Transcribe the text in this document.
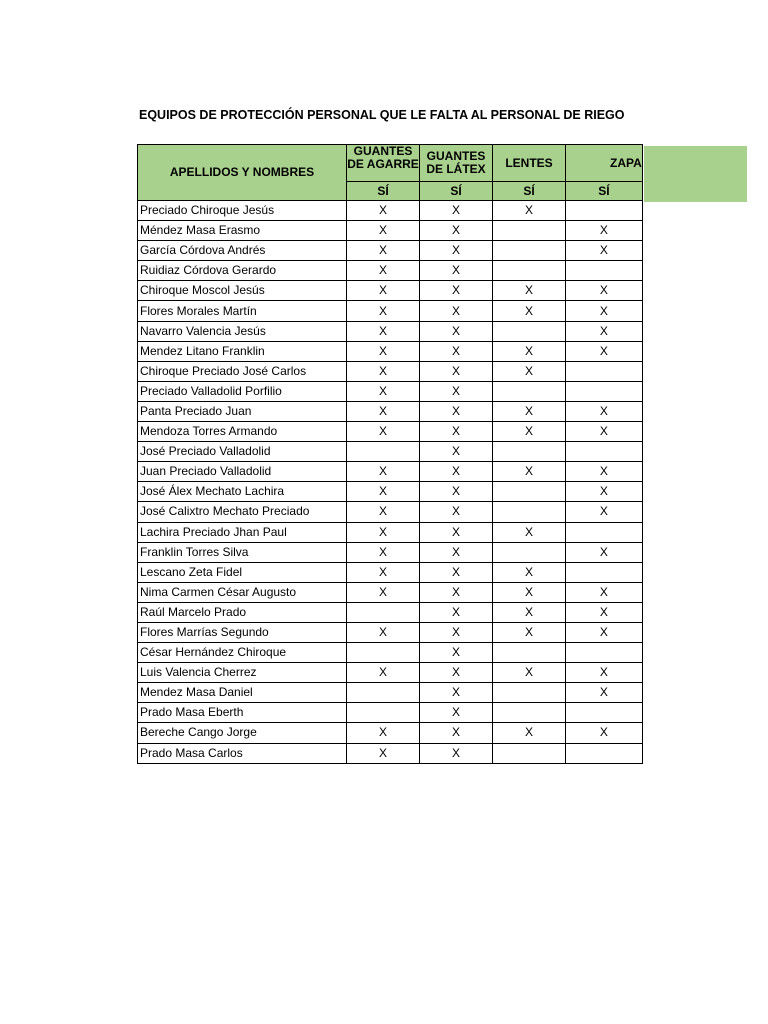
EQUIPOS DE PROTECCIÓN PERSONAL QUE LE FALTA AL PERSONAL DE RIEGO
APELLIDOS Y NOMBRES	GUANTES DE AGARRE	GUANTES DE LÁTEX	LENTES	ZAPA

	SÍ	SÍ	SÍ	SÍ
Preciado Chiroque Jesús	X	X	X	
Méndez Masa Erasmo	X	X		X
García Córdova Andrés	X	X		X
Ruidiaz Córdova Gerardo	X	X		
Chiroque Moscol Jesús	X	X	X	X
Flores Morales Martín	X	X	X	X
Navarro Valencia Jesús	X	X		X
Mendez Litano Franklin	X	X	X	X
Chiroque Preciado José Carlos	X	X	X	
Preciado Valladolid Porfilio	X	X		
Panta Preciado Juan	X	X	X	X
Mendoza Torres Armando	X	X	X	X
José Preciado Valladolid		X		
Juan Preciado Valladolid	X	X	X	X
José Álex Mechato Lachira	X	X		X
José Calixtro Mechato Preciado	X	X		X
Lachira Preciado Jhan Paul	X	X	X	
Franklin Torres Silva	X	X		X
Lescano Zeta Fidel	X	X	X	
Nima Carmen César Augusto	X	X	X	X
Raúl Marcelo Prado		X	X	X
Flores Marrías Segundo	X	X	X	X
César Hernández Chiroque		X		
Luis Valencia Cherrez	X	X	X	X
Mendez Masa Daniel		X		X
Prado Masa Eberth		X		
Bereche Cango Jorge	X	X	X	X
Prado Masa Carlos	X	X		
